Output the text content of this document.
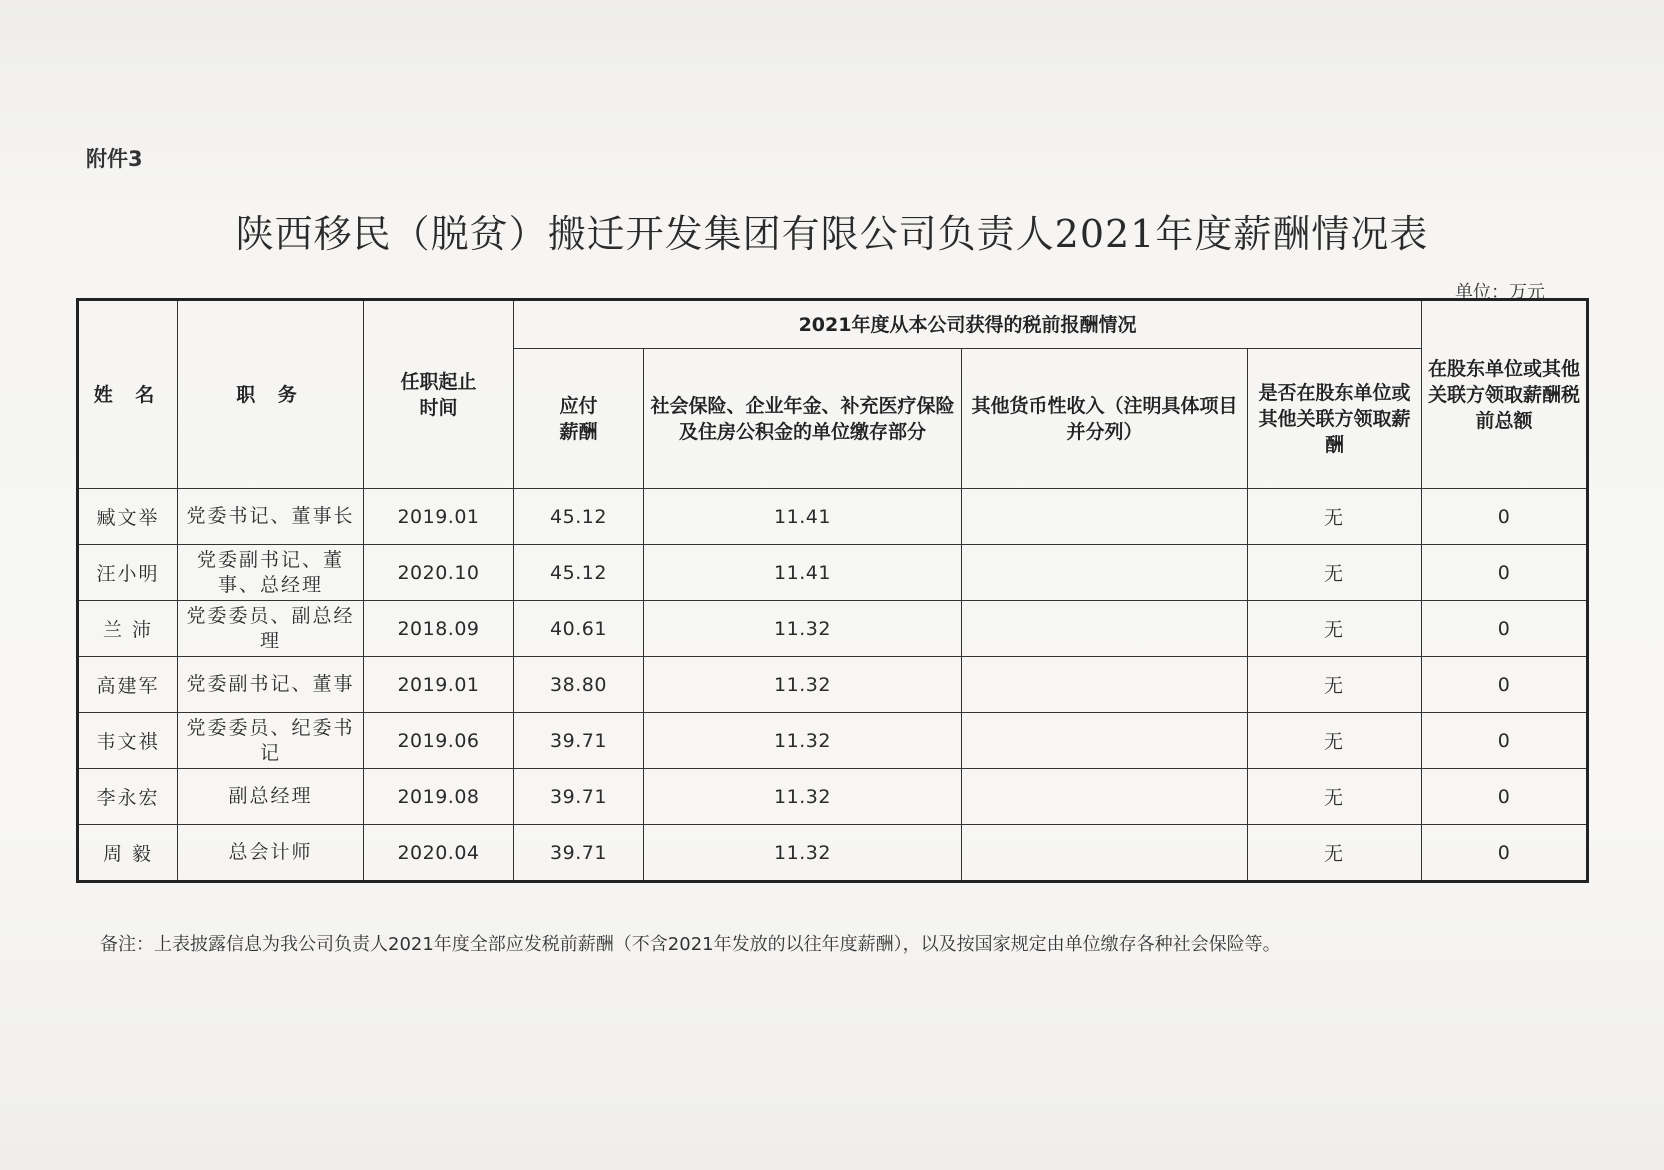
附件3
陕西移民（脱贫）搬迁开发集团有限公司负责人2021年度薪酬情况表
单位：万元
姓 名	职 务	任职起止时间	2021年度从本公司获得的税前报酬情况				在股东单位或其他关联方领取薪酬税前总额
			应付薪酬	社会保险、企业年金、补充医疗保险及住房公积金的单位缴存部分	其他货币性收入（注明具体项目并分列）	是否在股东单位或其他关联方领取薪酬	
臧文举	党委书记、董事长	2019.01	45.12	11.41		无	0
汪小明	党委副书记、董事、总经理	2020.10	45.12	11.41		无	0
兰 沛	党委委员、副总经理	2018.09	40.61	11.32		无	0
高建军	党委副书记、董事	2019.01	38.80	11.32		无	0
韦文祺	党委委员、纪委书记	2019.06	39.71	11.32		无	0
李永宏	副总经理	2019.08	39.71	11.32		无	0
周 毅	总会计师	2020.04	39.71	11.32		无	0
备注：上表披露信息为我公司负责人2021年度全部应发税前薪酬（不含2021年发放的以往年度薪酬），以及按国家规定由单位缴存各种社会保险等。
